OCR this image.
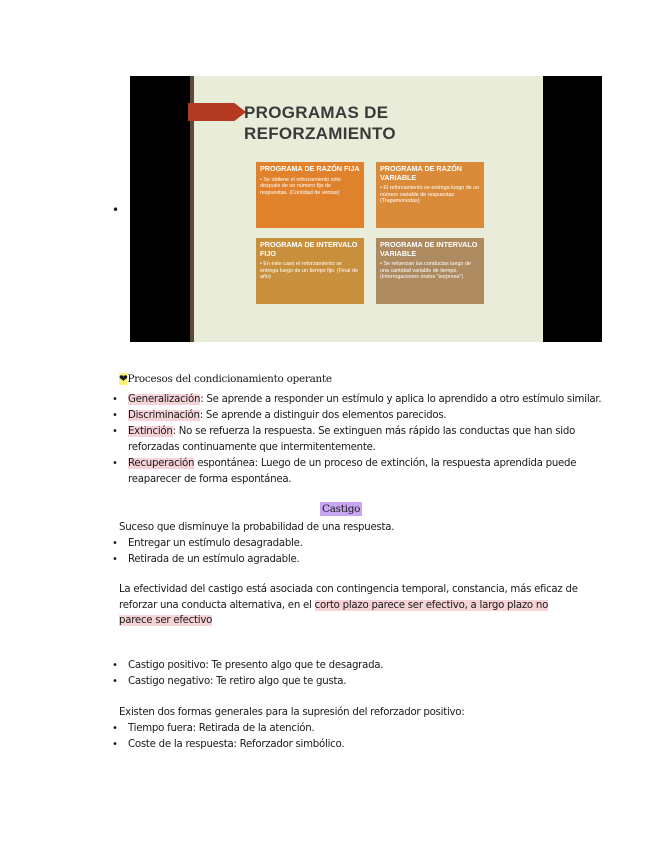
•
PROGRAMAS DE
REFORZAMIENTO
PROGRAMA DE RAZÓN FIJA
• Se obtiene el reforzamiento sólo después de un número fijo de respuestas. (Contidad de ventas)
PROGRAMA DE RAZÓN VARIABLE
• El reforzamiento se entrega luego de un número variable de respuestas (Tragamonedas)
PROGRAMA DE INTERVALO FIJO
• En este caso el reforzamiento se entrega luego de un tiempo fijo. (Final de año)
PROGRAMA DE INTERVALO VARIABLE
• Se refuerzan las conductas luego de una cantidad variable de tiempo. (Interrogaciones orales "sorpresa")
❤Procesos del condicionamiento operante
• Generalización: Se aprende a responder un estímulo y aplica lo aprendido a otro estímulo similar.
• Discriminación: Se aprende a distinguir dos elementos parecidos.
• Extinción: No se refuerza la respuesta. Se extinguen más rápido las conductas que han sido
reforzadas continuamente que intermitentemente.
• Recuperación espontánea: Luego de un proceso de extinción, la respuesta aprendida puede
reaparecer de forma espontánea.
Castigo
Suceso que disminuye la probabilidad de una respuesta.
• Entregar un estímulo desagradable.
• Retirada de un estímulo agradable.
La efectividad del castigo está asociada con contingencia temporal, constancia, más eficaz de
reforzar una conducta alternativa, en el corto plazo parece ser efectivo, a largo plazo no
parece ser efectivo
• Castigo positivo: Te presento algo que te desagrada.
• Castigo negativo: Te retiro algo que te gusta.
Existen dos formas generales para la supresión del reforzador positivo:
• Tiempo fuera: Retirada de la atención.
• Coste de la respuesta: Reforzador simbólico.
